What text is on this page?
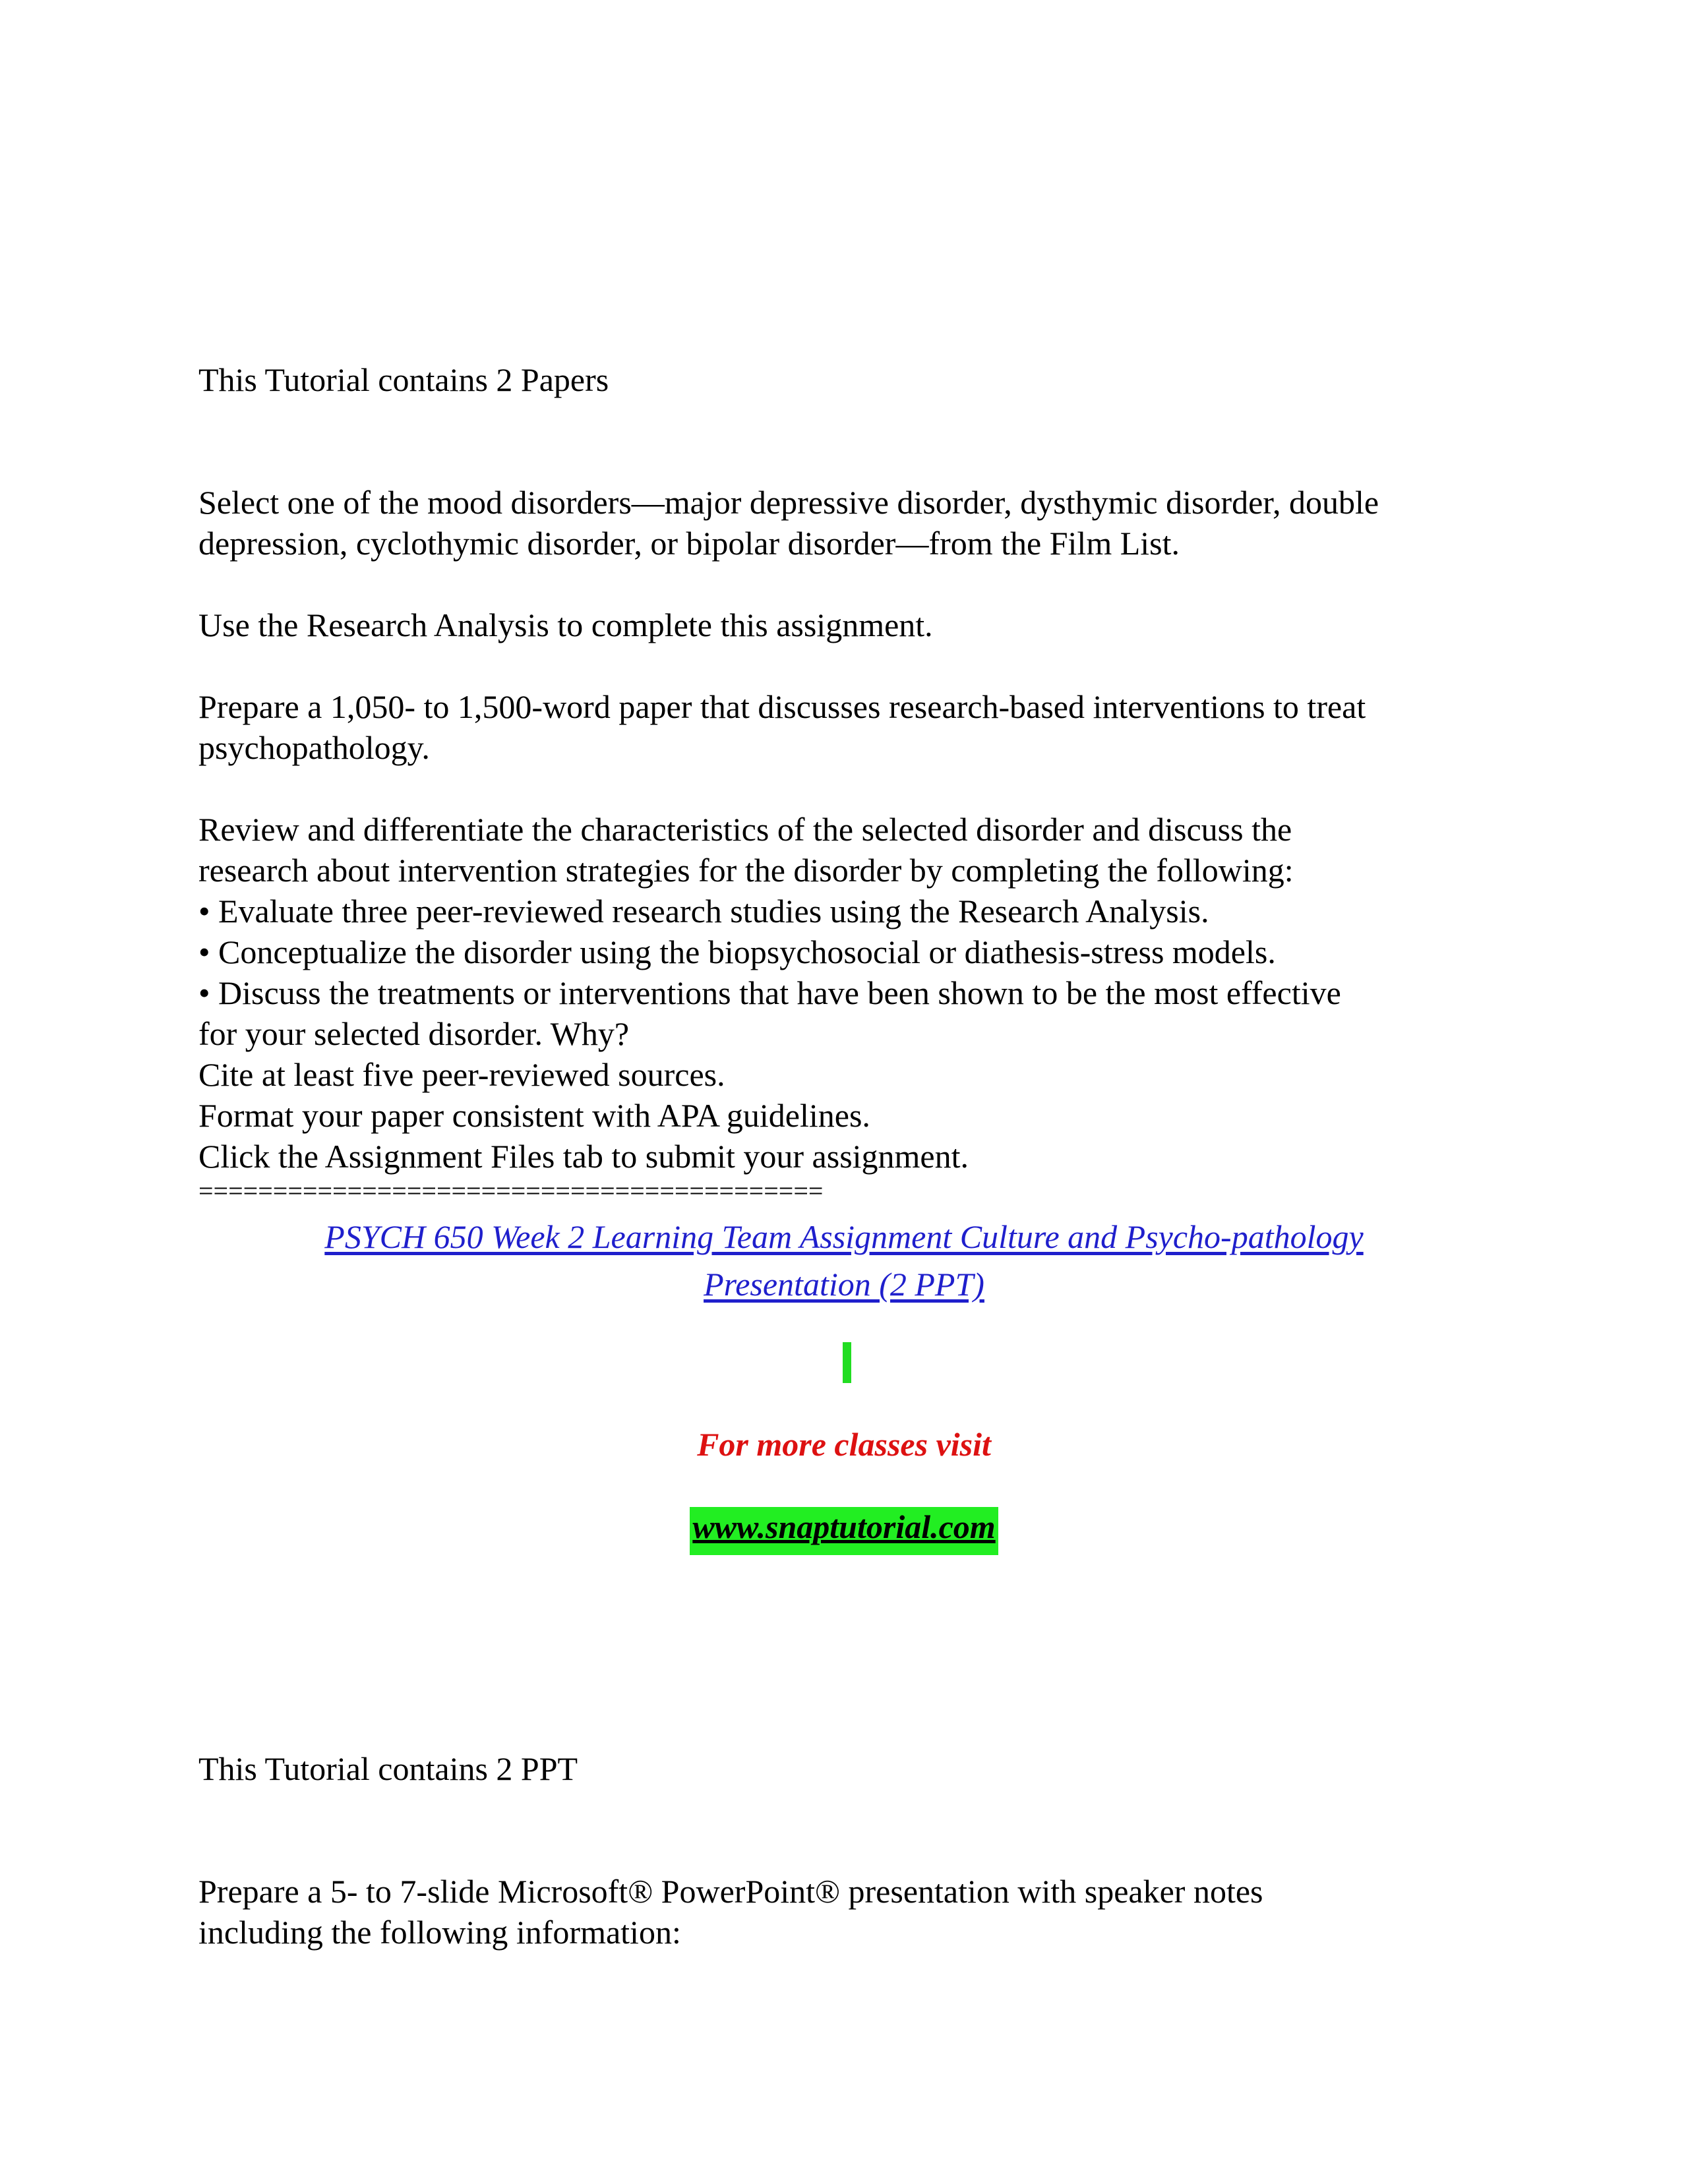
This Tutorial contains 2 Papers

Select one of the mood disorders—major depressive disorder, dysthymic disorder, double
depression, cyclothymic disorder, or bipolar disorder—from the Film List.

Use the Research Analysis to complete this assignment.

Prepare a 1,050- to 1,500-word paper that discusses research-based interventions to treat
psychopathology.
Review and differentiate the characteristics of the selected disorder and discuss the
research about intervention strategies for the disorder by completing the following:
• Evaluate three peer-reviewed research studies using the Research Analysis.
• Conceptualize the disorder using the biopsychosocial or diathesis-stress models.
• Discuss the treatments or interventions that have been shown to be the most effective
for your selected disorder. Why?
Cite at least five peer-reviewed sources.
Format your paper consistent with APA guidelines.
Click the Assignment Files tab to submit your assignment.

==========================================

PSYCH 650 Week 2 Learning Team Assignment Culture and Psycho-pathology
Presentation (2 PPT)
For more classes visit
www.snaptutorial.com

This Tutorial contains 2 PPT

Prepare a 5- to 7-slide Microsoft® PowerPoint® presentation with speaker notes
including the following information:
